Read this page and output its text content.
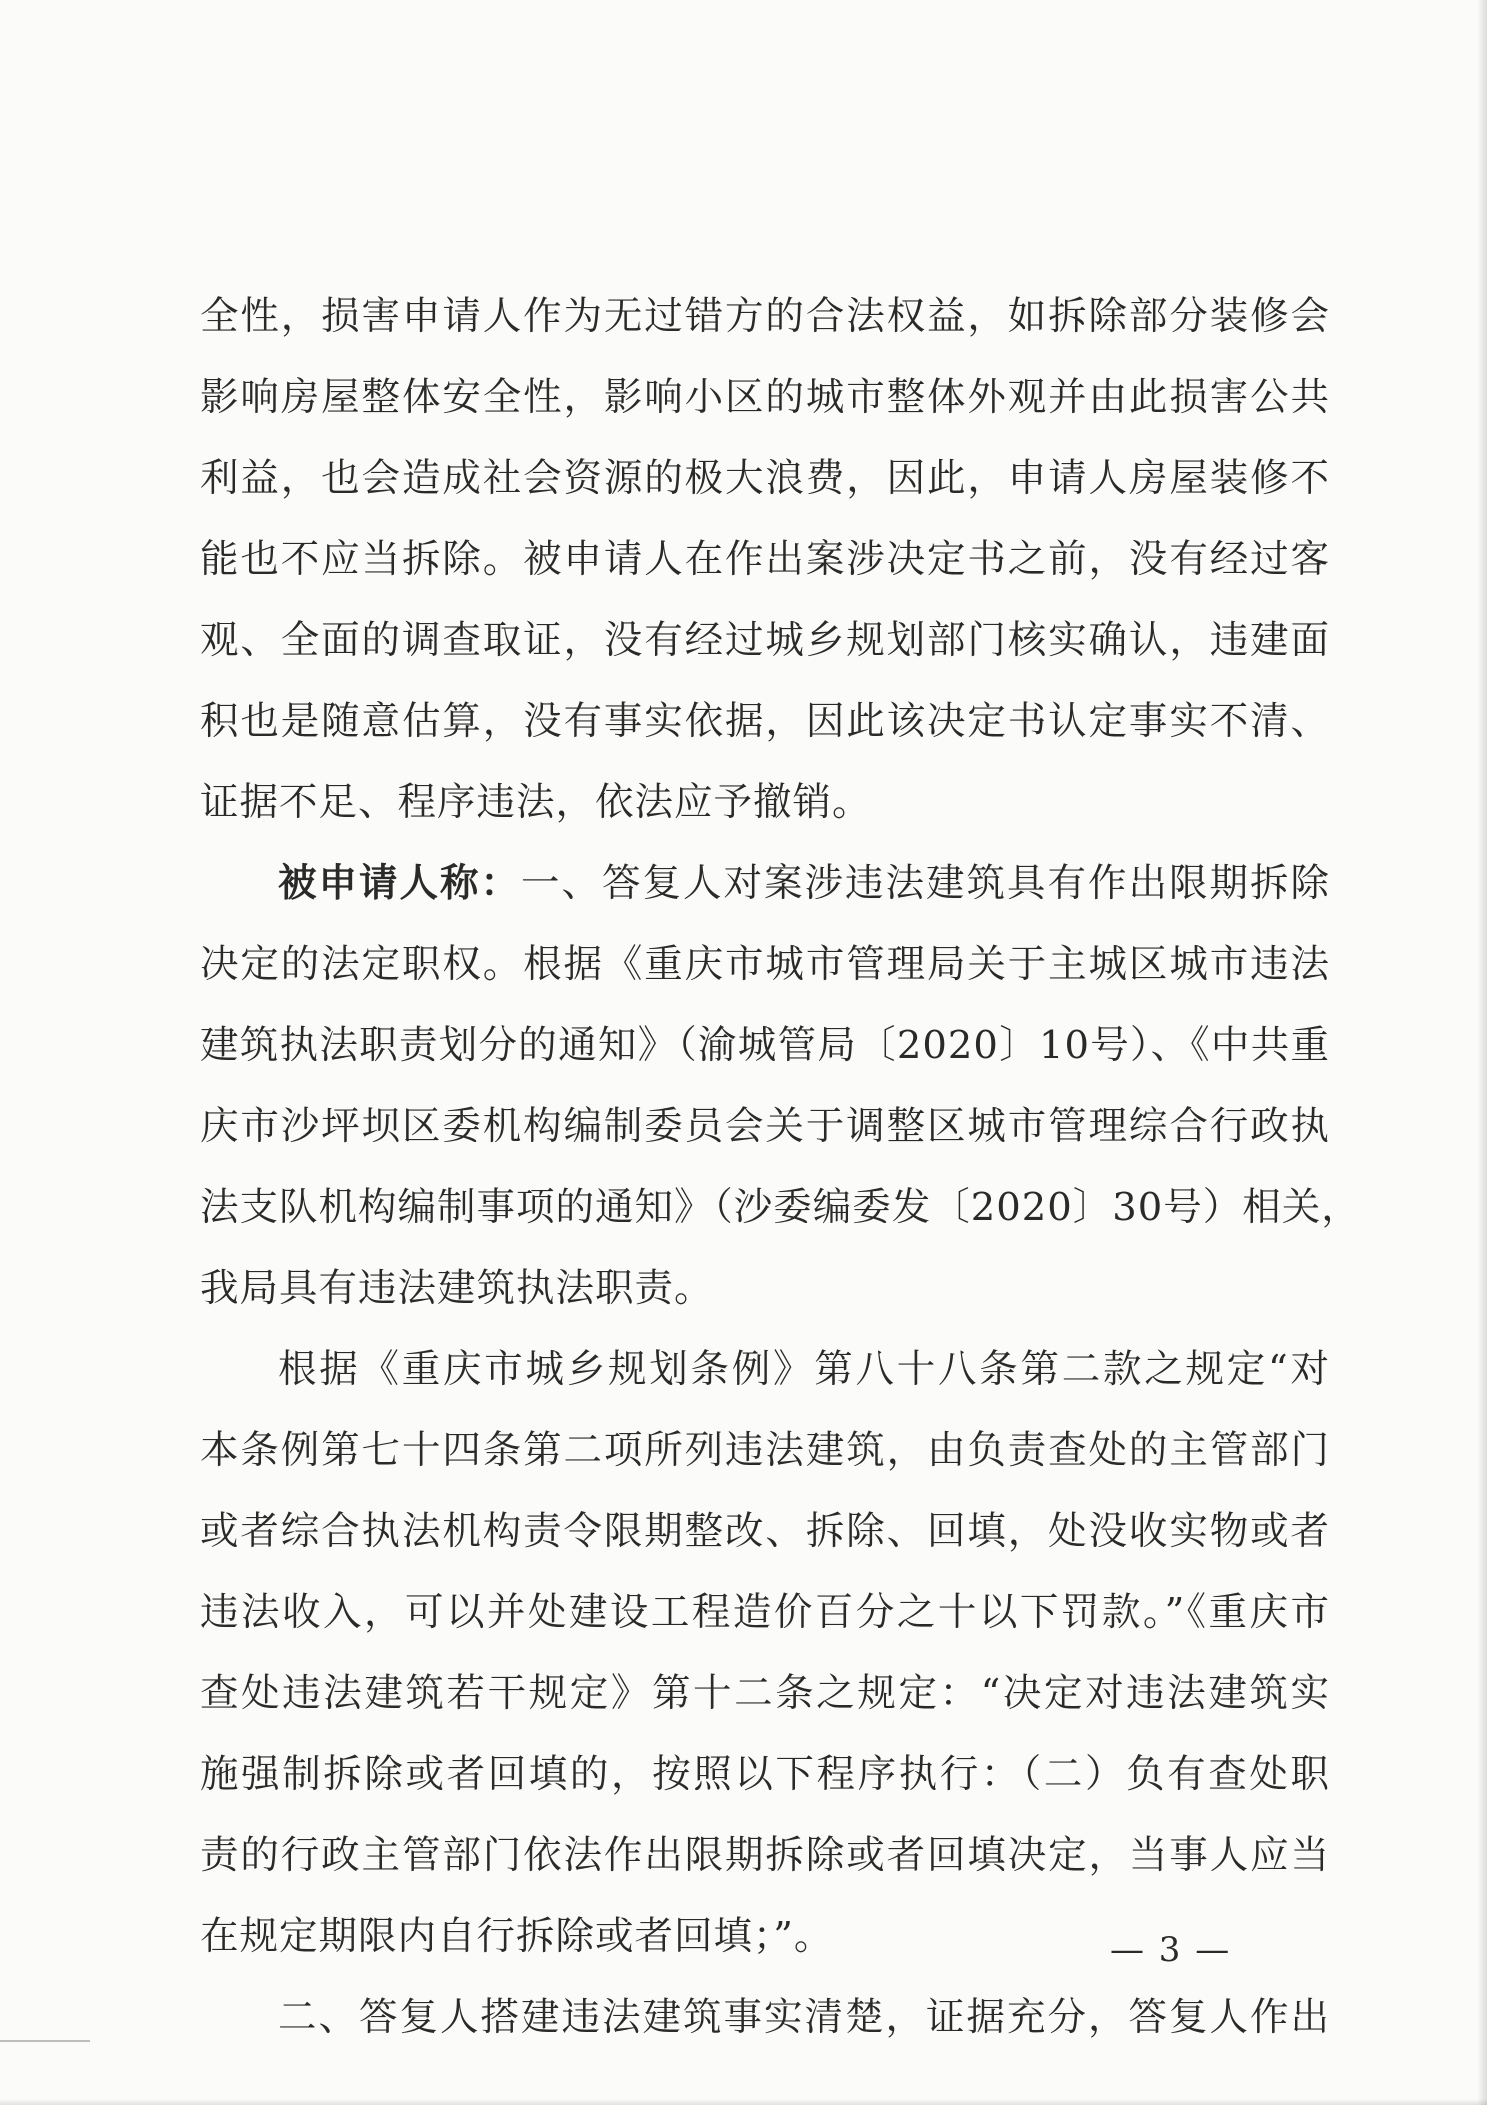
全性，损害申请人作为无过错方的合法权益，如拆除部分装修会
影响房屋整体安全性，影响小区的城市整体外观并由此损害公共
利益，也会造成社会资源的极大浪费，因此，申请人房屋装修不
能也不应当拆除。被申请人在作出案涉决定书之前，没有经过客
观、全面的调查取证，没有经过城乡规划部门核实确认，违建面
积也是随意估算，没有事实依据，因此该决定书认定事实不清、
证据不足、程序违法，依法应予撤销。
被申请人称：一、答复人对案涉违法建筑具有作出限期拆除
决定的法定职权。根据《重庆市城市管理局关于主城区城市违法
建筑执法职责划分的通知》（渝城管局〔2020〕10号）、《中共重
庆市沙坪坝区委机构编制委员会关于调整区城市管理综合行政执
法支队机构编制事项的通知》（沙委编委发〔2020〕30号）相关，
我局具有违法建筑执法职责。
根据《重庆市城乡规划条例》第八十八条第二款之规定“对
本条例第七十四条第二项所列违法建筑，由负责查处的主管部门
或者综合执法机构责令限期整改、拆除、回填，处没收实物或者
违法收入，可以并处建设工程造价百分之十以下罚款。”《重庆市
查处违法建筑若干规定》第十二条之规定：“决定对违法建筑实
施强制拆除或者回填的，按照以下程序执行：（二）负有查处职
责的行政主管部门依法作出限期拆除或者回填决定，当事人应当
在规定期限内自行拆除或者回填；”。
二、答复人搭建违法建筑事实清楚，证据充分，答复人作出
— 3 —
